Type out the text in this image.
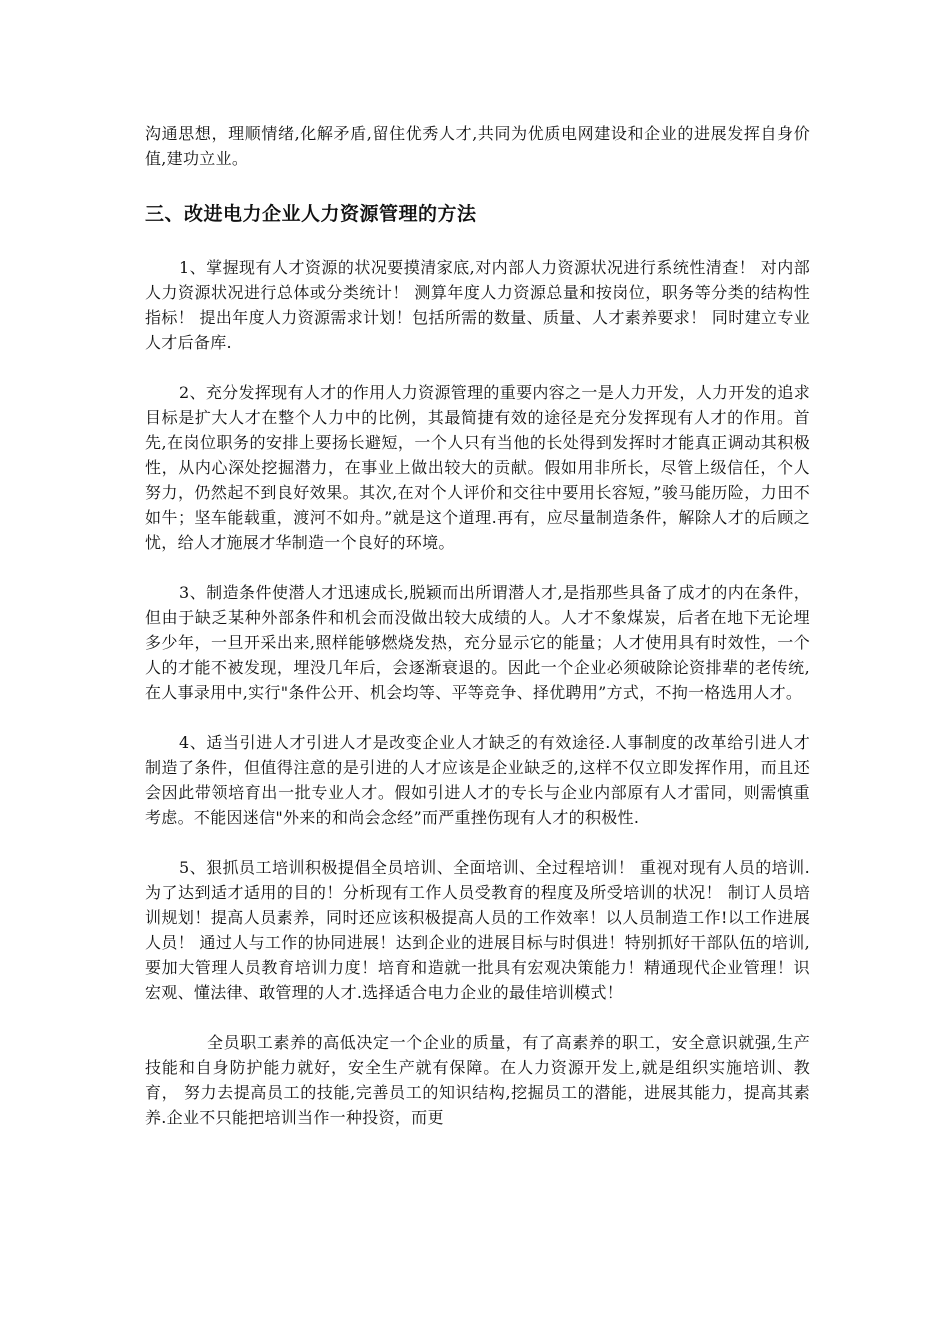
沟通思想，理顺情绪,化解矛盾,留住优秀人才,共同为优质电网建设和企业的进展发挥自身价值,建功立业。

三、改进电力企业人力资源管理的方法

1、掌握现有人才资源的状况要摸清家底,对内部人力资源状况进行系统性清查！ 对内部人力资源状况进行总体或分类统计！ 测算年度人力资源总量和按岗位，职务等分类的结构性指标！ 提出年度人力资源需求计划！包括所需的数量、质量、人才素养要求！ 同时建立专业人才后备库.

2、充分发挥现有人才的作用人力资源管理的重要内容之一是人力开发，人力开发的追求目标是扩大人才在整个人力中的比例，其最简捷有效的途径是充分发挥现有人才的作用。首先,在岗位职务的安排上要扬长避短，一个人只有当他的长处得到发挥时才能真正调动其积极性，从内心深处挖掘潜力，在事业上做出较大的贡献。假如用非所长，尽管上级信任，个人努力，仍然起不到良好效果。其次,在对个人评价和交往中要用长容短，”骏马能历险，力田不如牛；坚车能载重，渡河不如舟。”就是这个道理.再有，应尽量制造条件，解除人才的后顾之忧，给人才施展才华制造一个良好的环境。

3、制造条件使潜人才迅速成长,脱颖而出所谓潜人才,是指那些具备了成才的内在条件，但由于缺乏某种外部条件和机会而没做出较大成绩的人。人才不象煤炭，后者在地下无论埋多少年，一旦开采出来,照样能够燃烧发热，充分显示它的能量；人才使用具有时效性，一个人的才能不被发现，埋没几年后，会逐渐衰退的。因此一个企业必须破除论资排辈的老传统,在人事录用中,实行"条件公开、机会均等、平等竞争、择优聘用”方式，不拘一格选用人才。

4、适当引进人才引进人才是改变企业人才缺乏的有效途径.人事制度的改革给引进人才制造了条件，但值得注意的是引进的人才应该是企业缺乏的,这样不仅立即发挥作用，而且还会因此带领培育出一批专业人才。假如引进人才的专长与企业内部原有人才雷同，则需慎重考虑。不能因迷信"外来的和尚会念经”而严重挫伤现有人才的积极性.

5、狠抓员工培训积极提倡全员培训、全面培训、全过程培训！ 重视对现有人员的培训.为了达到适才适用的目的！分析现有工作人员受教育的程度及所受培训的状况！ 制订人员培训规划！提高人员素养，同时还应该积极提高人员的工作效率！以人员制造工作!以工作进展人员！ 通过人与工作的协同进展！达到企业的进展目标与时俱进！特别抓好干部队伍的培训,要加大管理人员教育培训力度！培育和造就一批具有宏观决策能力！精通现代企业管理！识宏观、懂法律、敢管理的人才.选择适合电力企业的最佳培训模式！

全员职工素养的高低决定一个企业的质量，有了高素养的职工，安全意识就强,生产技能和自身防护能力就好，安全生产就有保障。在人力资源开发上,就是组织实施培训、教育， 努力去提高员工的技能,完善员工的知识结构,挖掘员工的潜能，进展其能力，提高其素养.企业不只能把培训当作一种投资，而更
